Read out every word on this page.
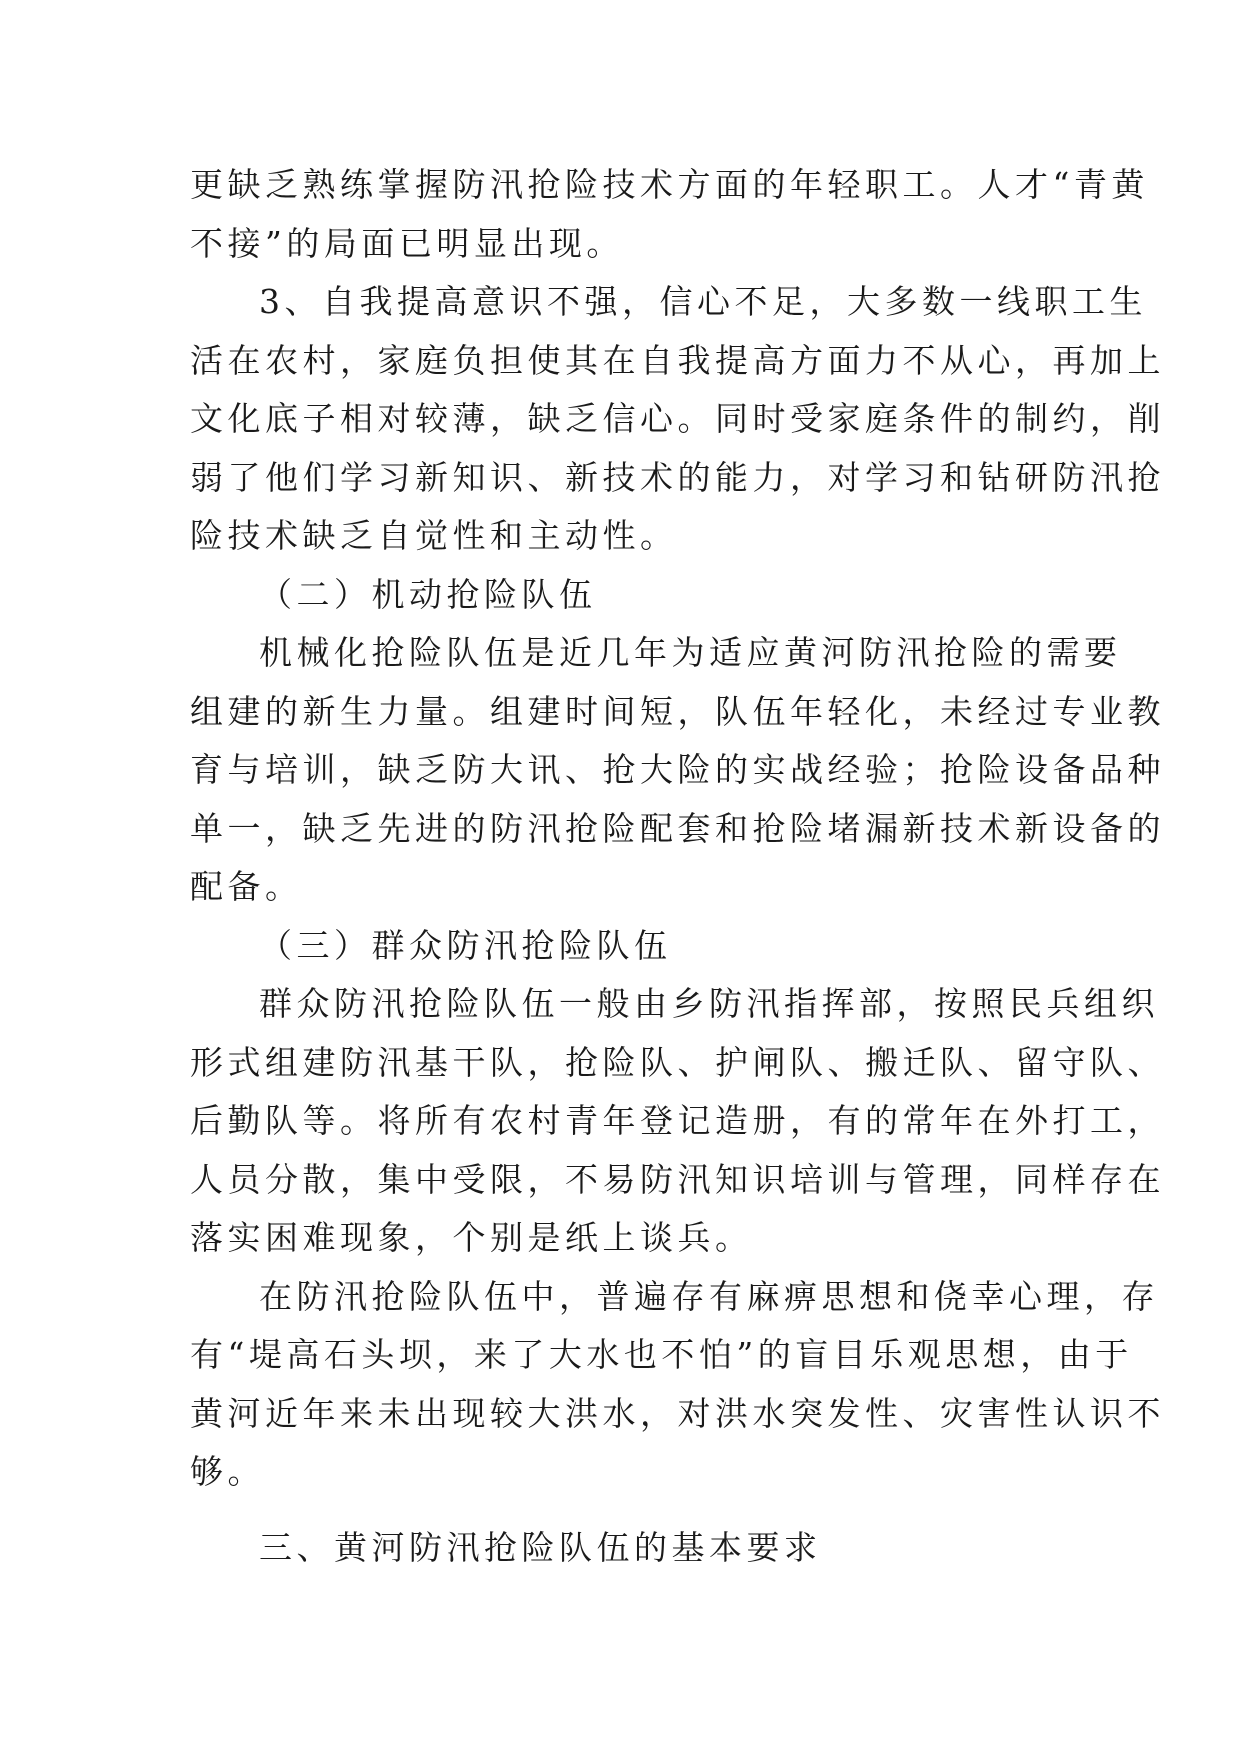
更缺乏熟练掌握防汛抢险技术方面的年轻职工。人才“青黄
不接”的局面已明显出现。
3、自我提高意识不强，信心不足，大多数一线职工生
活在农村，家庭负担使其在自我提高方面力不从心，再加上
文化底子相对较薄，缺乏信心。同时受家庭条件的制约，削
弱了他们学习新知识、新技术的能力，对学习和钻研防汛抢
险技术缺乏自觉性和主动性。
（二）机动抢险队伍
机械化抢险队伍是近几年为适应黄河防汛抢险的需要
组建的新生力量。组建时间短，队伍年轻化，未经过专业教
育与培训，缺乏防大讯、抢大险的实战经验；抢险设备品种
单一，缺乏先进的防汛抢险配套和抢险堵漏新技术新设备的
配备。
（三）群众防汛抢险队伍
群众防汛抢险队伍一般由乡防汛指挥部，按照民兵组织
形式组建防汛基干队，抢险队、护闸队、搬迁队、留守队、
后勤队等。将所有农村青年登记造册，有的常年在外打工，
人员分散，集中受限，不易防汛知识培训与管理，同样存在
落实困难现象，个别是纸上谈兵。
在防汛抢险队伍中，普遍存有麻痹思想和侥幸心理，存
有“堤高石头坝，来了大水也不怕”的盲目乐观思想，由于
黄河近年来未出现较大洪水，对洪水突发性、灾害性认识不
够。
三、黄河防汛抢险队伍的基本要求
